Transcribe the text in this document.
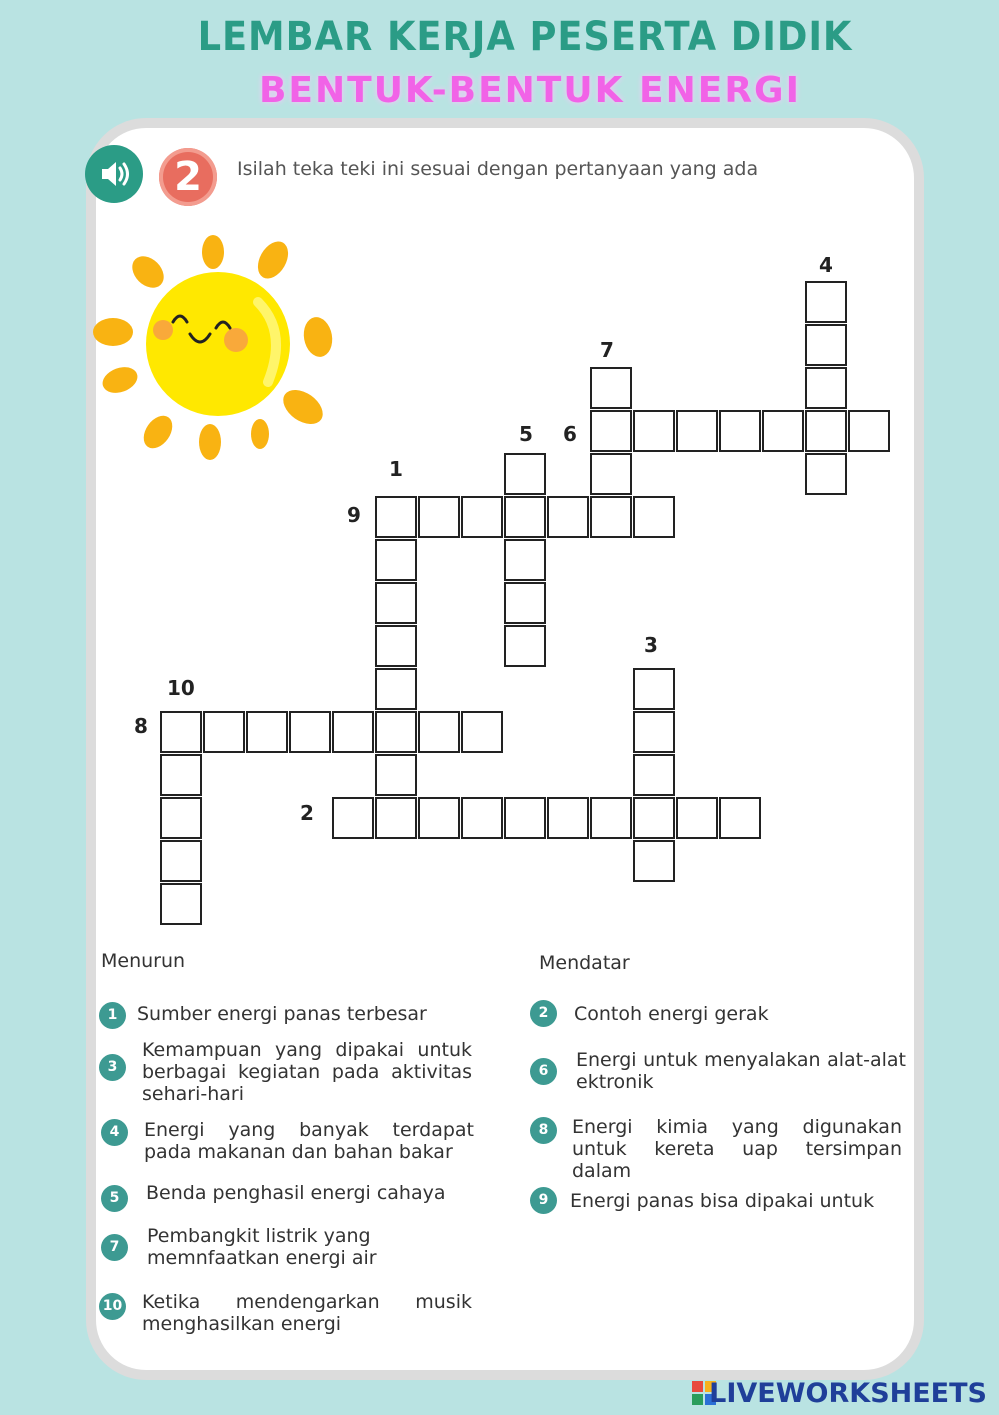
LEMBAR KERJA PESERTA DIDIK
BENTUK-BENTUK ENERGI
2	Isilah teka teki ini sesuai dengan pertanyaan yang ada
1
2
3
4
5 6
7
8
9
10
Menurun	Mendatar
1	Sumber energi panas terbesar
3
Kemampuan yang dipakai untuk berbagai kegiatan pada aktivitas sehari-hari
4	Energi yang banyak terdapat pada makanan dan bahan bakar
5	Benda penghasil energi cahaya
7	Pembangkit listrik yang memnfaatkan energi air
10 Ketika mendengarkan musik menghasilkan energi
2	Contoh energi gerak
6	Energi untuk menyalakan alat-alat ektronik
8	Energi kimia yang digunakan untuk kereta uap tersimpan dalam
9	Energi panas bisa dipakai untuk
LIVEWORKSHEETS
